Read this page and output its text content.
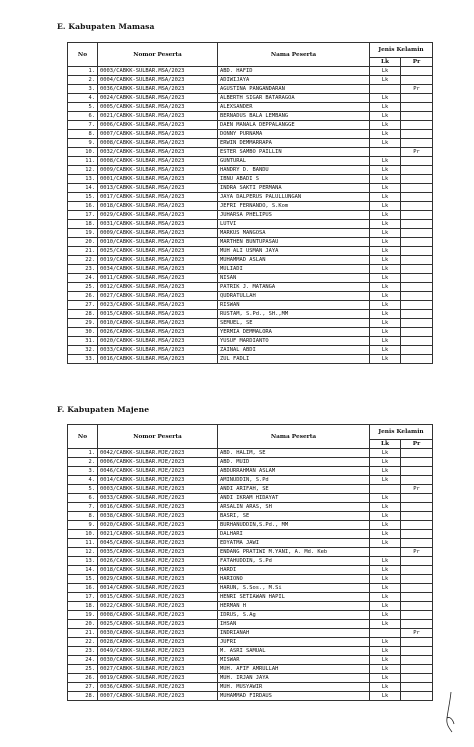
E. Kabupaten Mamasa
No	Nomor Peserta	Nama Peserta	Jenis Kelamin	
			Lk	Pr
1.	0003/CABKK-SULBAR.MSA/2023	ABD. HAFID	Lk	
2.	0004/CABKK-SULBAR.MSA/2023	ADIWIJAYA	Lk	
3.	0036/CABKK-SULBAR.MSA/2023	AGUSTINA PANGANDARAN		Pr
4.	0024/CABKK-SULBAR.MSA/2023	ALBERTH SIGAR BATARAGOA	Lk	
5.	0005/CABKK-SULBAR.MSA/2023	ALEXSANDER	Lk	
6.	0021/CABKK-SULBAR.MSA/2023	BERNADUS BALA LEMBANG	Lk	
7.	0006/CABKK-SULBAR.MSA/2023	DAEN MANALA DEPPALANGGE	Lk	
8.	0007/CABKK-SULBAR.MSA/2023	DONNY PURNAMA	Lk	
9.	0008/CABKK-SULBAR.MSA/2023	ERWIN DEMMARRAPA	Lk	
10.	0032/CABKK-SULBAR.MSA/2023	ESTER SAMBO PAILLIN		Pr
11.	0008/CABKK-SULBAR.MSA/2023	GUNTURAL	Lk	
12.	0009/CABKK-SULBAR.MSA/2023	HANDRY D. BANDU	Lk	
13.	0001/CABKK-SULBAR.MSA/2023	IBNU ABADI S	Lk	
14.	0013/CABKK-SULBAR.MSA/2023	INDRA SAKTI PERMANA	Lk	
15.	0017/CABKK-SULBAR.MSA/2023	JAYA DALPERUS PALULLUNGAN	Lk	
16.	0018/CABKK-SULBAR.MSA/2023	JEFRI FERNANDO, S.Kom	Lk	
17.	0029/CABKK-SULBAR.MSA/2023	JUHARSA PHELIPUS	Lk	
18.	0031/CABKK-SULBAR.MSA/2023	LUTVI	Lk	
19.	0009/CABKK-SULBAR.MSA/2023	MARKUS MANGOSA	Lk	
20.	0010/CABKK-SULBAR.MSA/2023	MARTHEN BUNTUPASAU	Lk	
21.	0025/CABKK-SULBAR.MSA/2023	MUH ALI USMAN JAYA	Lk	
22.	0019/CABKK-SULBAR.MSA/2023	MUHAMMAD ASLAN	Lk	
23.	0034/CABKK-SULBAR.MSA/2023	MULIADI	Lk	
24.	0011/CABKK-SULBAR.MSA/2023	NISAN	Lk	
25.	0012/CABKK-SULBAR.MSA/2023	PATRIK J. MATANGA	Lk	
26.	0027/CABKK-SULBAR.MSA/2023	QUDRATULLAH	Lk	
27.	0023/CABKK-SULBAR.MSA/2023	RISWAN	Lk	
28.	0015/CABKK-SULBAR.MSA/2023	RUSTAM, S.Pd., SH.,MM	Lk	
29.	0010/CABKK-SULBAR.MSA/2023	SEMUEL, SE	Lk	
30.	0026/CABKK-SULBAR.MSA/2023	YERMIA DEMMALORA	Lk	
31.	0020/CABKK-SULBAR.MSA/2023	YUSUF MARDIANTO	Lk	
32.	0033/CABKK-SULBAR.MSA/2023	ZAINAL ABDI	Lk	
33.	0016/CABKK-SULBAR.MSA/2023	ZUL FADLI	Lk	
F. Kabupaten Majene
No	Nomor Peserta	Nama Peserta	Jenis Kelamin	
			Lk	Pr
1.	0042/CABKK-SULBAR.MJE/2023	ABD. HALIM, SE	Lk	
2.	0006/CABKK-SULBAR.MJE/2023	ABD. MUID	Lk	
3.	0046/CABKK-SULBAR.MJE/2023	ABDURRAHMAN ASLAM	Lk	
4.	0014/CABKK-SULBAR.MJE/2023	AMINUDDIN, S.Pd	Lk	
5.	0003/CABKK-SULBAR.MJE/2023	ANDI ARIFAH, SE		Pr
6.	0033/CABKK-SULBAR.MJE/2023	ANDI IKRAM HIDAYAT	Lk	
7.	0016/CABKK-SULBAR.MJE/2023	ARSALIN ARAS, SH	Lk	
8.	0038/CABKK-SULBAR.MJE/2023	BASRI, SE	Lk	
9.	0020/CABKK-SULBAR.MJE/2023	BURHANUDDIN,S.Pd., MM	Lk	
10.	0021/CABKK-SULBAR.MJE/2023	DALHARI	Lk	
11.	0045/CABKK-SULBAR.MJE/2023	EDYATMA JAWI	Lk	
12.	0035/CABKK-SULBAR.MJE/2023	ENDANG PRATIWI M.YANI, A. Md. Keb		Pr
13.	0026/CABKK-SULBAR.MJE/2023	FATAHUDDIN, S.Pd	Lk	
14.	0018/CABKK-SULBAR.MJE/2023	HARDI	Lk	
15.	0029/CABKK-SULBAR.MJE/2023	HARIONO	Lk	
16.	0014/CABKK-SULBAR.MJE/2023	HARUN, S.Sos., M.Si	Lk	
17.	0015/CABKK-SULBAR.MJE/2023	HENRI SETIAWAN HAPIL	Lk	
18.	0022/CABKK-SULBAR.MJE/2023	HERMAN H	Lk	
19.	0008/CABKK-SULBAR.MJE/2023	IDRUS, S.Ag	Lk	
20.	0025/CABKK-SULBAR.MJE/2023	IHSAN	Lk	
21.	0030/CABKK-SULBAR.MJE/2023	INDRIANAH		Pr
22.	0028/CABKK-SULBAR.MJE/2023	JUFRI	Lk	
23.	0049/CABKK-SULBAR.MJE/2023	M. ASRI SAMUAL	Lk	
24.	0030/CABKK-SULBAR.MJE/2023	MISWAR	Lk	
25.	0027/CABKK-SULBAR.MJE/2023	MUH. AFIF AMRULLAH	Lk	
26.	0019/CABKK-SULBAR.MJE/2023	MUH. IRJAN JAYA	Lk	
27.	0036/CABKK-SULBAR.MJE/2023	MUH. MUSYAWIR	Lk	
28.	0007/CABKK-SULBAR.MJE/2023	MUHAMMAD FIRDAUS	Lk	
